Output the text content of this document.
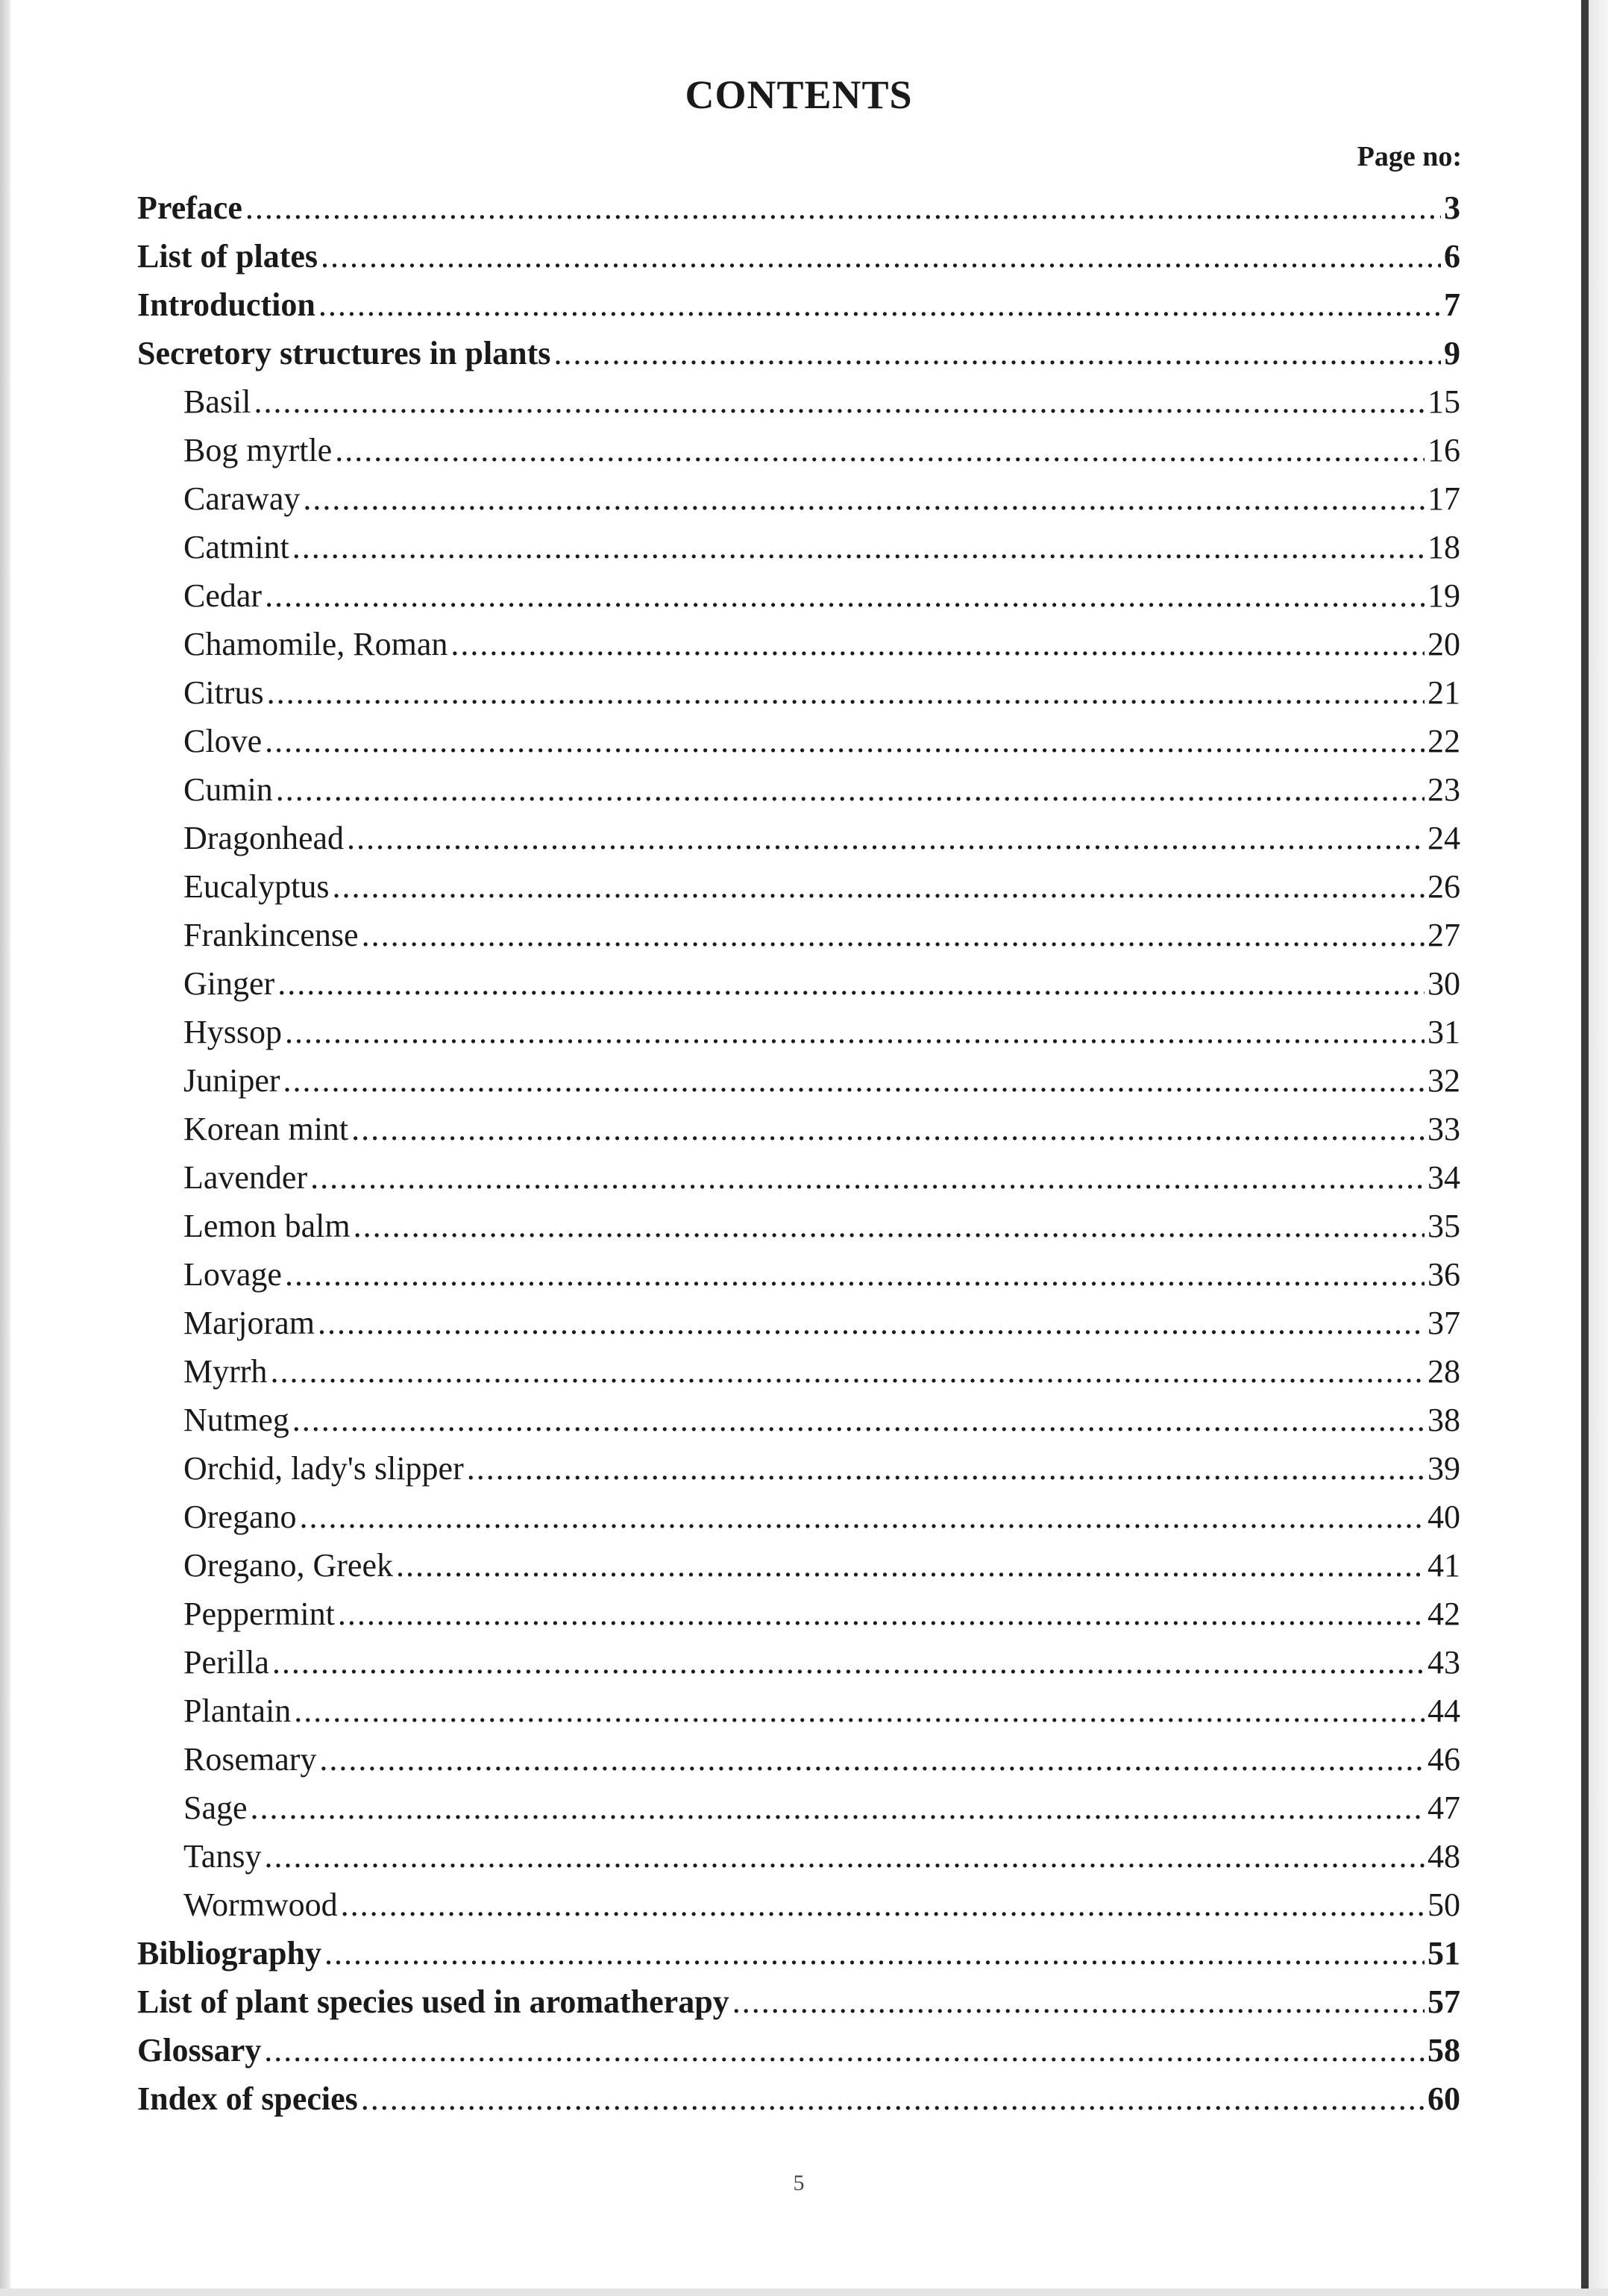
CONTENTS
Page no:
Preface .....	3
List of plates .....	6
Introduction .....	7
Secretory structures in plants .....	9
Basil .....	15
Bog myrtle .....	16
Caraway .....	17
Catmint .....	18
Cedar .....	19
Chamomile, Roman .....	20
Citrus .....	21
Clove .....	22
Cumin .....	23
Dragonhead .....	24
Eucalyptus .....	26
Frankincense .....	27
Ginger .....	30
Hyssop .....	31
Juniper .....	32
Korean mint .....	33
Lavender .....	34
Lemon balm .....	35
Lovage .....	36
Marjoram .....	37
Myrrh .....	28
Nutmeg .....	38
Orchid, lady's slipper .....	39
Oregano .....	40
Oregano, Greek .....	41
Peppermint .....	42
Perilla .....	43
Plantain .....	44
Rosemary .....	46
Sage .....	47
Tansy .....	48
Wormwood .....	50
Bibliography .....	51
List of plant species used in aromatherapy .....	57
Glossary .....	58
Index of species .....	60
5
